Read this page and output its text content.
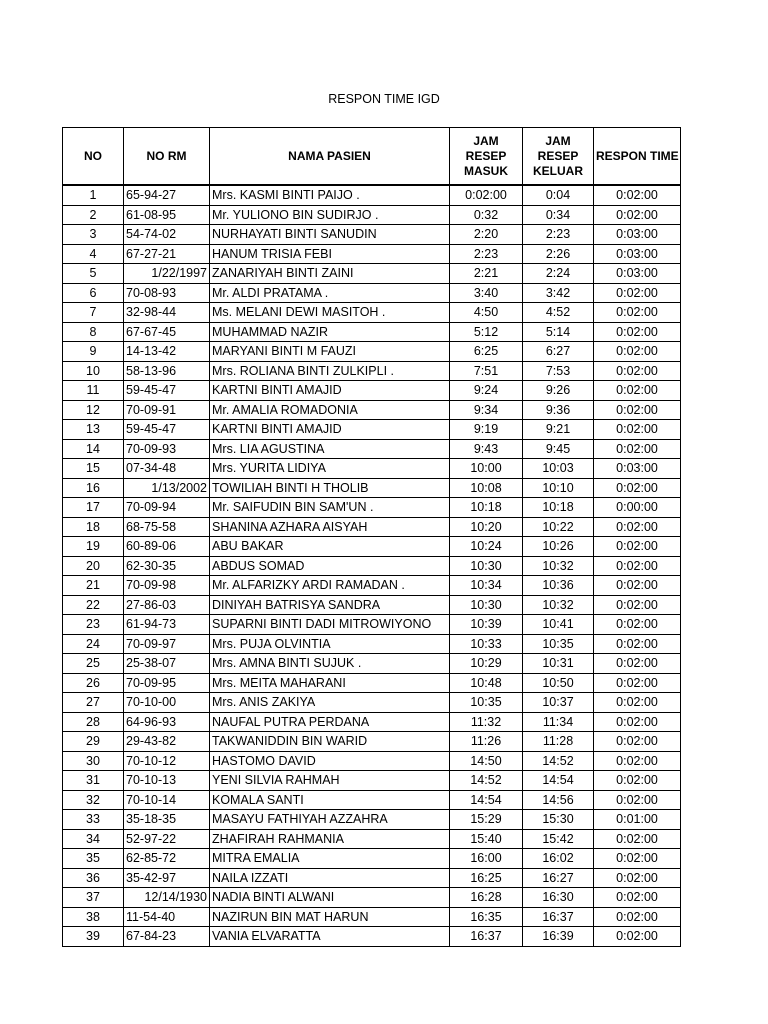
RESPON TIME IGD
NO	NO RM	NAMA PASIEN	JAM RESEP MASUK	JAM RESEP KELUAR	RESPON TIME
1	65-94-27	Mrs. KASMI BINTI PAIJO .	0:02:00	0:04	0:02:00
2	61-08-95	Mr. YULIONO BIN SUDIRJO .	0:32	0:34	0:02:00
3	54-74-02	NURHAYATI BINTI SANUDIN	2:20	2:23	0:03:00
4	67-27-21	HANUM TRISIA FEBI	2:23	2:26	0:03:00
5	1/22/1997	ZANARIYAH BINTI ZAINI	2:21	2:24	0:03:00
6	70-08-93	Mr. ALDI PRATAMA .	3:40	3:42	0:02:00
7	32-98-44	Ms. MELANI DEWI MASITOH .	4:50	4:52	0:02:00
8	67-67-45	MUHAMMAD NAZIR	5:12	5:14	0:02:00
9	14-13-42	MARYANI BINTI M FAUZI	6:25	6:27	0:02:00
10	58-13-96	Mrs. ROLIANA BINTI ZULKIPLI .	7:51	7:53	0:02:00
11	59-45-47	KARTNI BINTI AMAJID	9:24	9:26	0:02:00
12	70-09-91	Mr. AMALIA ROMADONIA	9:34	9:36	0:02:00
13	59-45-47	KARTNI BINTI AMAJID	9:19	9:21	0:02:00
14	70-09-93	Mrs. LIA AGUSTINA	9:43	9:45	0:02:00
15	07-34-48	Mrs. YURITA LIDIYA	10:00	10:03	0:03:00
16	1/13/2002	TOWILIAH BINTI H THOLIB	10:08	10:10	0:02:00
17	70-09-94	Mr. SAIFUDIN BIN SAM'UN .	10:18	10:18	0:00:00
18	68-75-58	SHANINA AZHARA AISYAH	10:20	10:22	0:02:00
19	60-89-06	ABU BAKAR	10:24	10:26	0:02:00
20	62-30-35	ABDUS SOMAD	10:30	10:32	0:02:00
21	70-09-98	Mr. ALFARIZKY ARDI RAMADAN .	10:34	10:36	0:02:00
22	27-86-03	DINIYAH BATRISYA SANDRA	10:30	10:32	0:02:00
23	61-94-73	SUPARNI BINTI DADI MITROWIYONO	10:39	10:41	0:02:00
24	70-09-97	Mrs. PUJA OLVINTIA	10:33	10:35	0:02:00
25	25-38-07	Mrs. AMNA BINTI SUJUK .	10:29	10:31	0:02:00
26	70-09-95	Mrs. MEITA MAHARANI	10:48	10:50	0:02:00
27	70-10-00	Mrs. ANIS ZAKIYA	10:35	10:37	0:02:00
28	64-96-93	NAUFAL PUTRA PERDANA	11:32	11:34	0:02:00
29	29-43-82	TAKWANIDDIN BIN WARID	11:26	11:28	0:02:00
30	70-10-12	HASTOMO DAVID	14:50	14:52	0:02:00
31	70-10-13	YENI SILVIA RAHMAH	14:52	14:54	0:02:00
32	70-10-14	KOMALA SANTI	14:54	14:56	0:02:00
33	35-18-35	MASAYU FATHIYAH AZZAHRA	15:29	15:30	0:01:00
34	52-97-22	ZHAFIRAH RAHMANIA	15:40	15:42	0:02:00
35	62-85-72	MITRA EMALIA	16:00	16:02	0:02:00
36	35-42-97	NAILA IZZATI	16:25	16:27	0:02:00
37	12/14/1930	NADIA BINTI ALWANI	16:28	16:30	0:02:00
38	11-54-40	NAZIRUN BIN MAT HARUN	16:35	16:37	0:02:00
39	67-84-23	VANIA ELVARATTA	16:37	16:39	0:02:00
